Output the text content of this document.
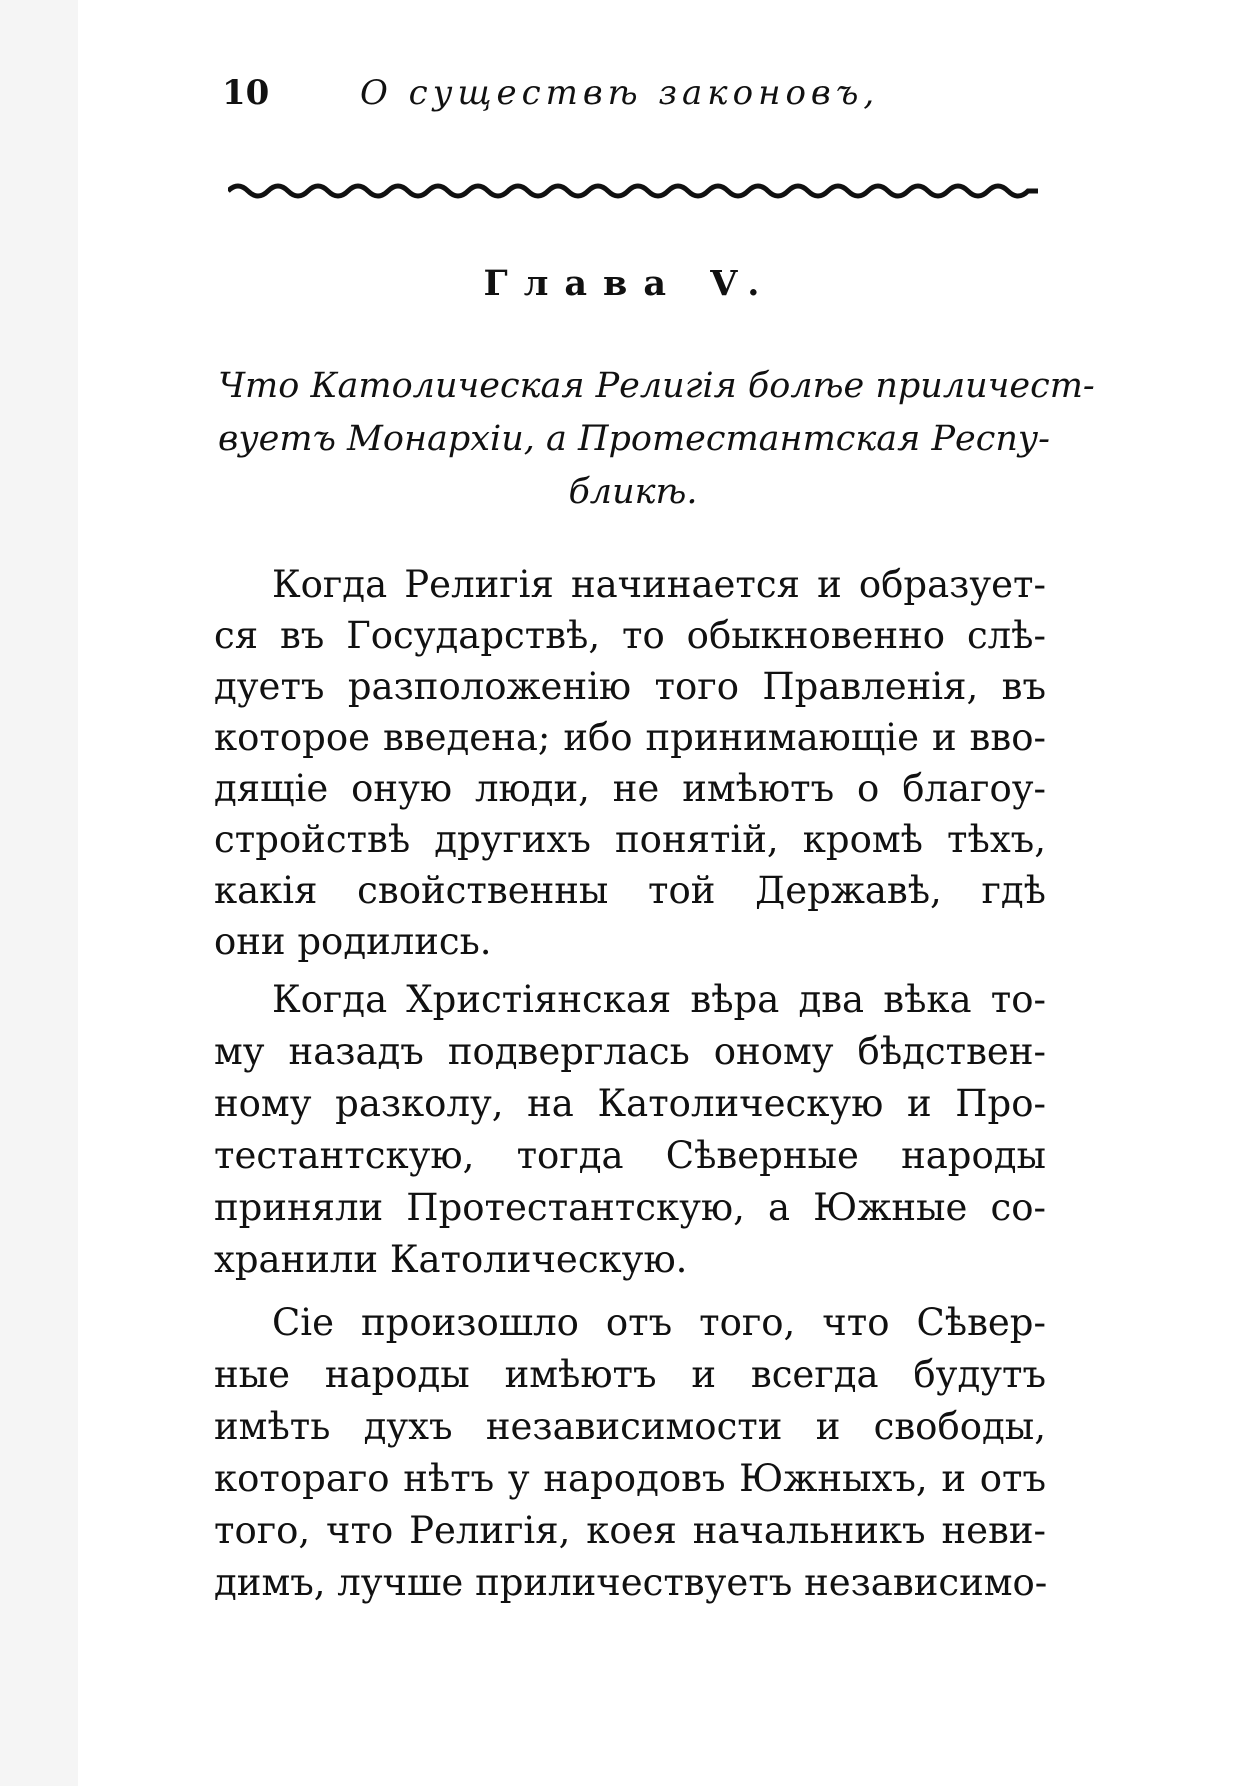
10	О существѣ законовъ,
Глава V.
Что Католическая Религія болѣе приличест-
вуетъ Монархіи, а Протестантская Респу-
бликѣ.
Когда Религія начинается и образует-
ся въ Государствѣ, то обыкновенно слѣ-
дуетъ разположенію того Правленія, въ
которое введена; ибо принимающіе и вво-
дящіе оную люди, не имѣютъ о благоу-
стройствѣ другихъ понятій, кромѣ тѣхъ,
какія свойственны той Державѣ, гдѣ
они родились.
Когда Христіянская вѣра два вѣка то-
му назадъ подверглась оному бѣдствен-
ному разколу, на Католическую и Про-
тестантскую, тогда Сѣверные народы
приняли Протестантскую, а Южные со-
хранили Католическую.
Сіе произошло отъ того, что Сѣвер-
ные народы имѣютъ и всегда будутъ
имѣть духъ независимости и свободы,
котораго нѣтъ у народовъ Южныхъ, и отъ
того, что Религія, коея начальникъ неви-
димъ, лучше приличествуетъ независимо-
